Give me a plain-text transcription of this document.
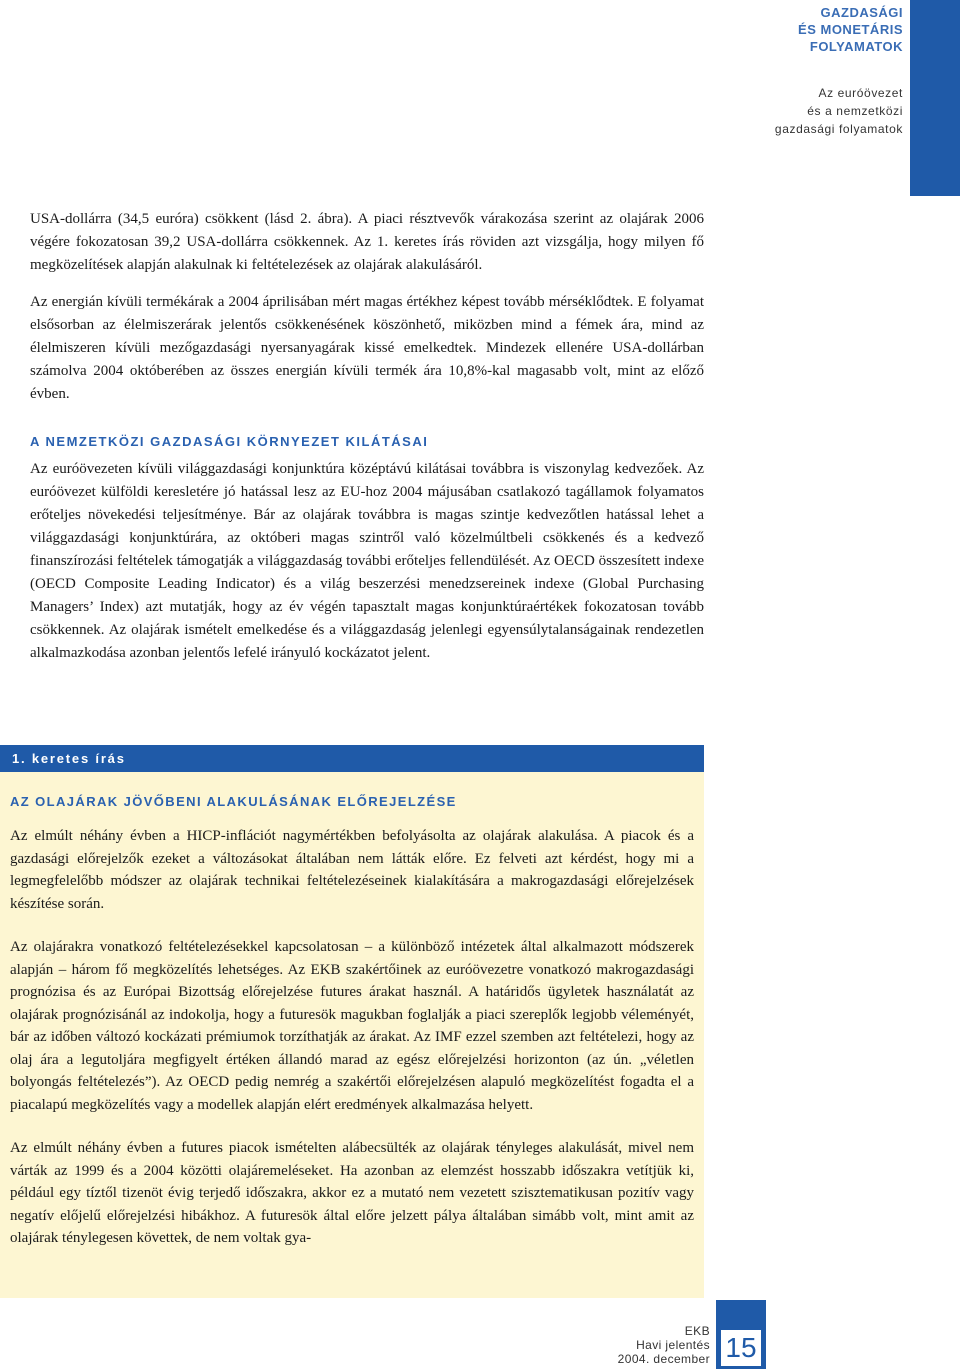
GAZDASÁGI
ÉS MONETÁRIS
FOLYAMATOK
Az euróövezet
és a nemzetközi
gazdasági folyamatok

USA-dollárra (34,5 euróra) csökkent (lásd 2. ábra). A piaci résztvevők várakozása szerint az olajárak 2006 végére fokozatosan 39,2 USA-dollárra csökkennek. Az 1. keretes írás röviden azt vizsgálja, hogy milyen fő megközelítések alapján alakulnak ki feltételezések az olajárak alakulásáról.

Az energián kívüli termékárak a 2004 áprilisában mért magas értékhez képest tovább mérséklődtek. E folyamat elsősorban az élelmiszerárak jelentős csökkenésének köszönhető, miközben mind a fémek ára, mind az élelmiszeren kívüli mezőgazdasági nyersanyagárak kissé emelkedtek. Mindezek ellenére USA-dollárban számolva 2004 októberében az összes energián kívüli termék ára 10,8%-kal magasabb volt, mint az előző évben.

A NEMZETKÖZI GAZDASÁGI KÖRNYEZET KILÁTÁSAI

Az euróövezeten kívüli világgazdasági konjunktúra középtávú kilátásai továbbra is viszonylag kedvezőek. Az euróövezet külföldi keresletére jó hatással lesz az EU-hoz 2004 májusában csatlakozó tagállamok folyamatos erőteljes növekedési teljesítménye. Bár az olajárak továbbra is magas szintje kedvezőtlen hatással lehet a világgazdasági konjunktúrára, az októberi magas szintről való közelmúltbeli csökkenés és a kedvező finanszírozási feltételek támogatják a világgazdaság további erőteljes fellendülését. Az OECD összesített indexe (OECD Composite Leading Indicator) és a világ beszerzési menedzsereinek indexe (Global Purchasing Managers’ Index) azt mutatják, hogy az év végén tapasztalt magas konjunktúraértékek fokozatosan tovább csökkennek. Az olajárak ismételt emelkedése és a világgazdaság jelenlegi egyensúlytalanságainak rendezetlen alkalmazkodása azonban jelentős lefelé irányuló kockázatot jelent.

1. keretes írás
AZ OLAJÁRAK JÖVŐBENI ALAKULÁSÁNAK ELŐREJELZÉSE

Az elmúlt néhány évben a HICP-inflációt nagymértékben befolyásolta az olajárak alakulása. A piacok és a gazdasági előrejelzők ezeket a változásokat általában nem látták előre. Ez felveti azt kérdést, hogy mi a legmegfelelőbb módszer az olajárak technikai feltételezéseinek kialakítására a makrogazdasági előrejelzések készítése során.

Az olajárakra vonatkozó feltételezésekkel kapcsolatosan – a különböző intézetek által alkalmazott módszerek alapján – három fő megközelítés lehetséges. Az EKB szakértőinek az euróövezetre vonatkozó makrogazdasági prognózisa és az Európai Bizottság előrejelzése futures árakat használ. A határidős ügyletek használatát az olajárak prognózisánál az indokolja, hogy a futuresök magukban foglalják a piaci szereplők legjobb véleményét, bár az időben változó kockázati prémiumok torzíthatják az árakat. Az IMF ezzel szemben azt feltételezi, hogy az olaj ára a legutoljára megfigyelt értéken állandó marad az egész előrejelzési horizonton (az ún. „véletlen bolyongás feltételezés”). Az OECD pedig nemrég a szakértői előrejelzésen alapuló megközelítést fogadta el a piacalapú megközelítés vagy a modellek alapján elért eredmények alkalmazása helyett.

Az elmúlt néhány évben a futures piacok ismételten alábecsülték az olajárak tényleges alakulását, mivel nem várták az 1999 és a 2004 közötti olajáremeléseket. Ha azonban az elemzést hosszabb időszakra vetítjük ki, például egy tíztől tizenöt évig terjedő időszakra, akkor ez a mutató nem vezetett szisztematikusan pozitív vagy negatív előjelű előrejelzési hibákhoz. A futuresök által előre jelzett pálya általában simább volt, mint amit az olajárak ténylegesen követtek, de nem voltak gya-

EKB
Havi jelentés
2004. december 15
